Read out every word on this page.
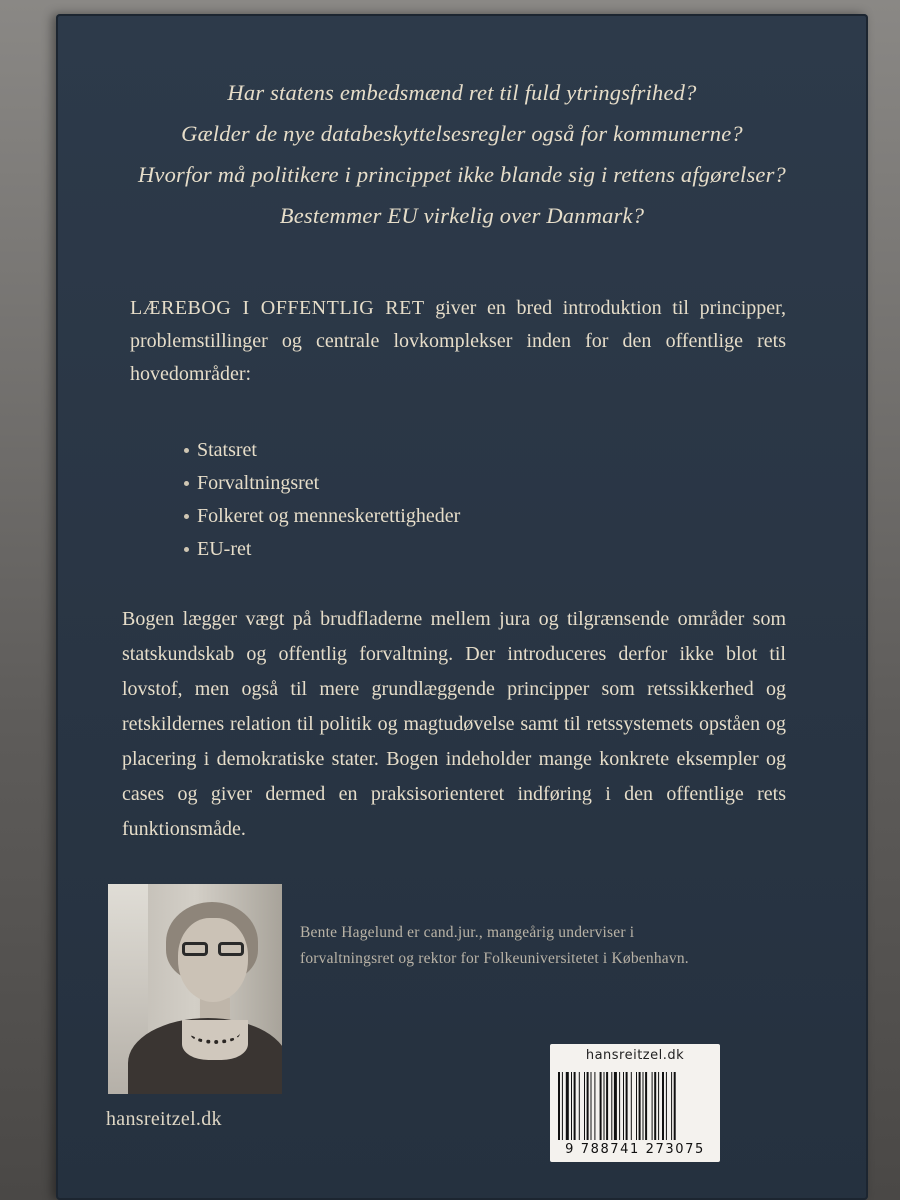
Har statens embedsmænd ret til fuld ytringsfrihed?
Gælder de nye databeskyttelsesregler også for kommunerne?
Hvorfor må politikere i princippet ikke blande sig i rettens afgørelser?
Bestemmer EU virkelig over Danmark?
LÆREBOG I OFFENTLIG RET giver en bred introduktion til principper, problemstillinger og centrale lovkomplekser inden for den offentlige rets hovedområder:
Statsret
Forvaltningsret
Folkeret og menneskerettigheder
EU-ret

Bogen lægger vægt på brudfladerne mellem jura og tilgrænsende områder som statskundskab og offentlig forvaltning. Der introduceres derfor ikke blot til lovstof, men også til mere grundlæggende principper som retssikkerhed og retskildernes relation til politik og magtudøvelse samt til retssystemets opståen og placering i demokratiske stater. Bogen indeholder mange konkrete eksempler og cases og giver dermed en praksisorienteret indføring i den offentlige rets funktionsmåde.

Bente Hagelund er cand.jur., mangeårig underviser i forvaltningsret og rektor for Folkeuniversitetet i København.
hansreitzel.dk
hansreitzel.dk
9 788741 273075
